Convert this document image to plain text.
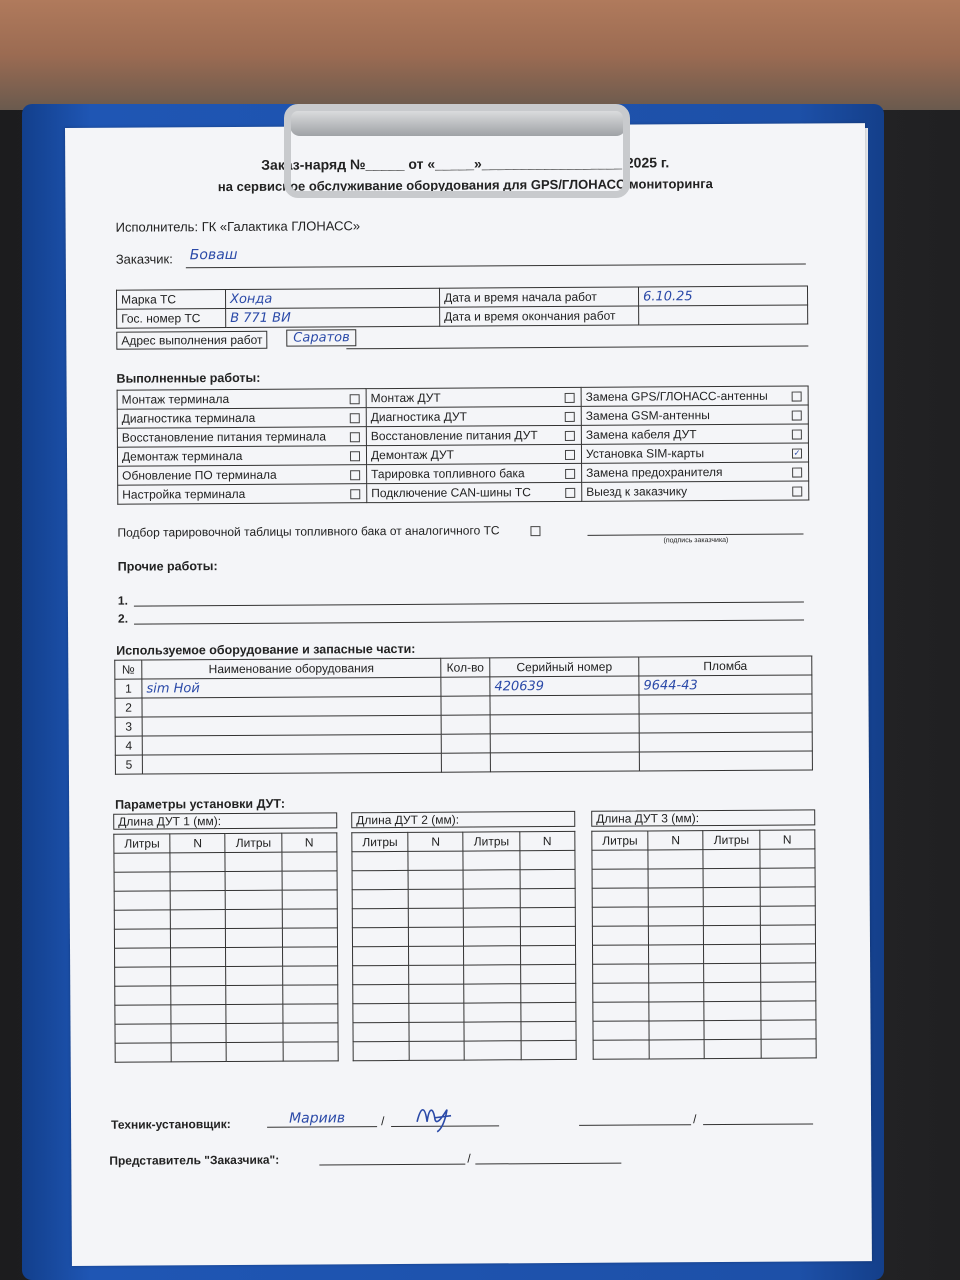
Заказ-наряд №_____ от «_____»__________________ 2025 г.
на сервисное обслуживание оборудования для GPS/ГЛОНАСС мониторинга
Исполнитель: ГК «Галактика ГЛОНАСС»
Заказчик: Боваш
Марка ТС	Хонда	Дата и время начала работ	6.10.25
Гос. номер ТС	В 771 ВИ	Дата и время окончания работ	
Адрес выполнения работ	Саратов
Выполненные работы:
Монтаж терминала	Монтаж ДУТ	Замена GPS/ГЛОНАСС-антенны

Диагностика терминала	Диагностика ДУТ	Замена GSM-антенны

Восстановление питания терминала	Восстановление питания ДУТ	Замена кабеля ДУТ

Демонтаж терминала	Демонтаж ДУТ	Установка SIM-карты ✓

Обновление ПО терминала	Тарировка топливного бака	Замена предохранителя

Настройка терминала	Подключение CAN-шины ТС	Выезд к заказчику
Подбор тарировочной таблицы топливного бака от аналогичного ТС
(подпись заказчика)
Прочие работы:
1.
2.
Используемое оборудование и запасные части:
№	Наименование оборудования	Кол-во	Серийный номер	Пломба
1	sim Ной		420639	9644-43
2				
3				
4				
5				
Параметры установки ДУТ:
Длина ДУТ 1 (мм):
Литры	N	Литры	N

Длина ДУТ 2 (мм):
Литры	N	Литры	N

Длина ДУТ 3 (мм):
Литры	N	Литры	N

Техник-установщик:	Мариив	/	/
Представитель "Заказчика":	/
